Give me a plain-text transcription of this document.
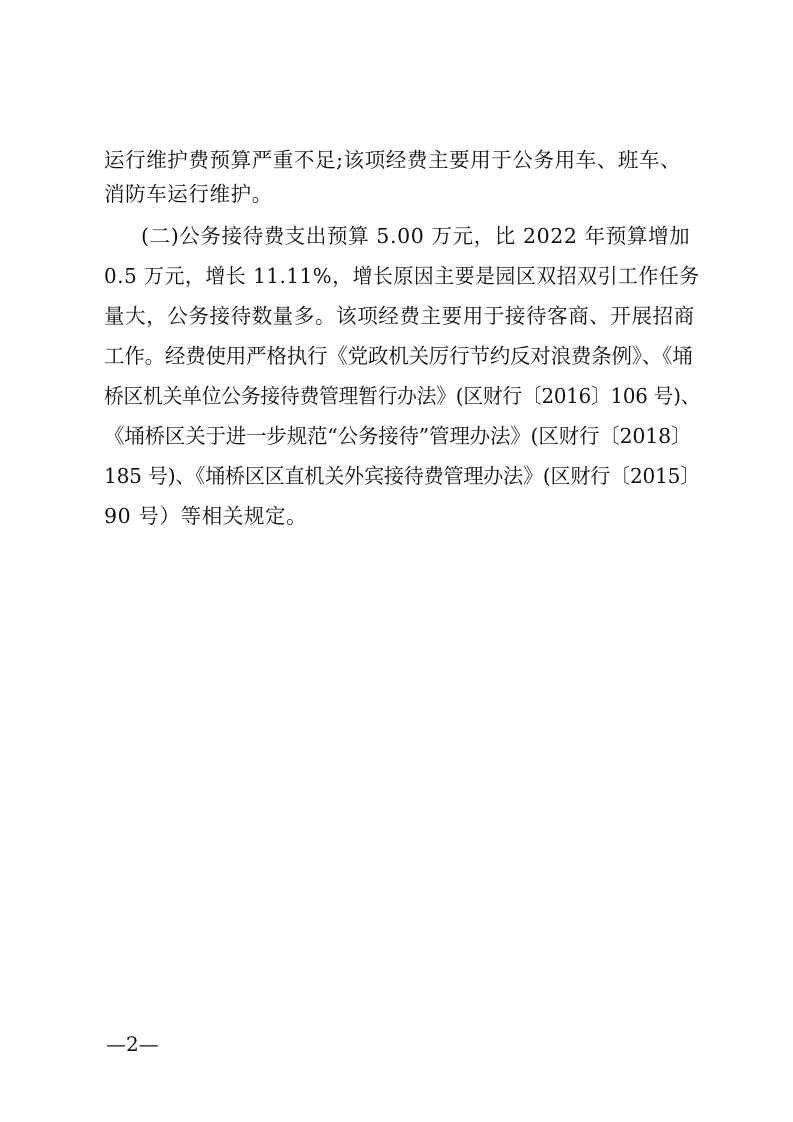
运行维护费预算严重不足;该项经费主要用于公务用车、班车、
消防车运行维护。
(二)公务接待费支出预算 5.00 万元，比 2022 年预算增加
0.5 万元，增长 11.11%，增长原因主要是园区双招双引工作任务
量大，公务接待数量多。该项经费主要用于接待客商、开展招商
工作。经费使用严格执行《党政机关厉行节约反对浪费条例》、《埇
桥区机关单位公务接待费管理暂行办法》(区财行〔2016〕106 号)、
《埇桥区关于进一步规范“公务接待”管理办法》(区财行〔2018〕
185 号)、《埇桥区区直机关外宾接待费管理办法》(区财行〔2015〕
90 号）等相关规定。
—2—
